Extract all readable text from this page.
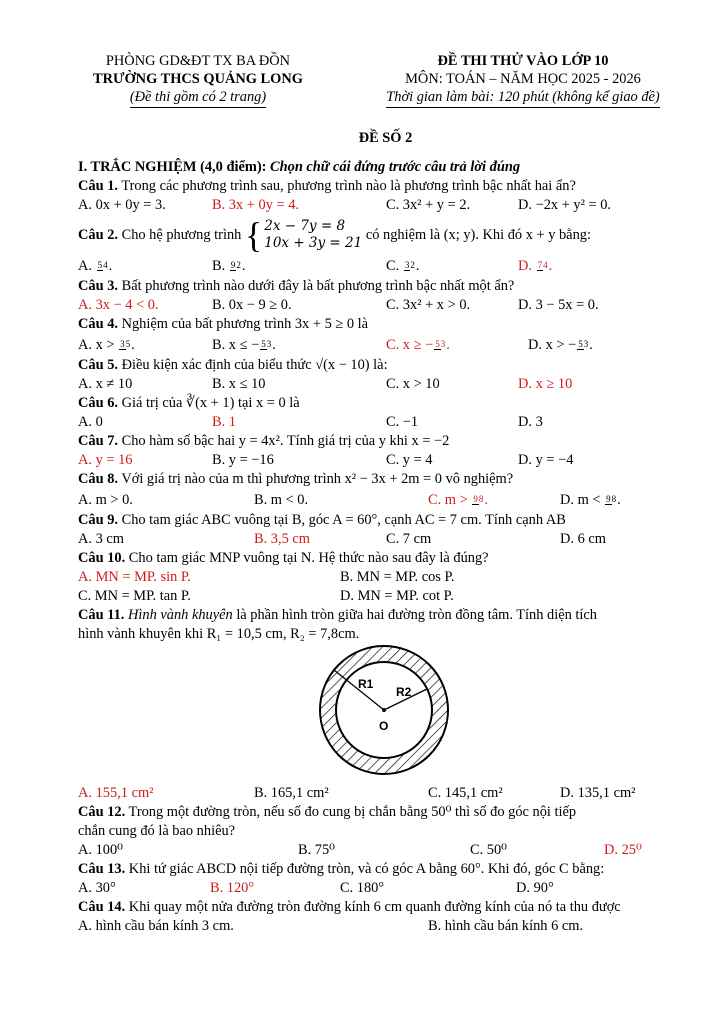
PHÒNG GD&ĐT TX BA ĐỒN
TRƯỜNG THCS QUẢNG LONG
(Đề thi gồm có 2 trang)
ĐỀ THI THỬ VÀO LỚP 10
MÔN: TOÁN – NĂM HỌC 2025 - 2026
Thời gian làm bài: 120 phút (không kể giao đề)
ĐỀ SỐ 2
I. TRẮC NGHIỆM (4,0 điểm): Chọn chữ cái đứng trước câu trả lời đúng
Câu 1. Trong các phương trình sau, phương trình nào là phương trình bậc nhất hai ẩn?
A. 0x + 0y = 3.	B. 3x + 0y = 4.	C. 3x² + y = 2.	D. −2x + y² = 0.
Câu 2.
Cho hệ phương trình
{ 2x − 7y = 8
10x + 3y = 21

có nghiệm là (x; y). Khi đó x + y bằng:
A. 54.	B. 92.	C. 32.	D. 74.
Câu 3. Bất phương trình nào dưới đây là bất phương trình bậc nhất một ẩn?
A. 3x − 4 < 0.	B. 0x − 9 ≥ 0.	C. 3x² + x > 0.	D. 3 − 5x = 0.
Câu 4. Nghiệm của bất phương trình 3x + 5 ≥ 0 là
A. x > 35.	B. x ≤ − 53.	C. x ≥ − 53.	D. x > − 53.
Câu 5. Điều kiện xác định của biểu thức √(x − 10) là:
A. x ≠ 10	B. x ≤ 10	C. x > 10	D. x ≥ 10
Câu 6. Giá trị của ∛(x + 1) tại x = 0 là
A. 0	B. 1	C. −1	D. 3
Câu 7. Cho hàm số bậc hai y = 4x². Tính giá trị của y khi x = −2
A. y = 16	B. y = −16	C. y = 4	D. y = −4
Câu 8. Với giá trị nào của m thì phương trình x² − 3x + 2m = 0 vô nghiệm?
A. m > 0.	B. m < 0.	C. m > 98.	D. m < 98.
Câu 9. Cho tam giác ABC vuông tại B, góc A = 60°, cạnh AC = 7 cm. Tính cạnh AB
A. 3 cm	B. 3,5 cm	C. 7 cm	D. 6 cm
Câu 10. Cho tam giác MNP vuông tại N. Hệ thức nào sau đây là đúng?
A. MN = MP. sin P.	B. MN = MP. cos P.
C. MN = MP. tan P.	D. MN = MP. cot P.
Câu 11. Hình vành khuyên là phần hình tròn giữa hai đường tròn đồng tâm. Tính diện tích
hình vành khuyên khi R₁ = 10,5 cm, R₂ = 7,8cm.
R1
R2
O
A. 155,1 cm²	B. 165,1 cm²	C. 145,1 cm²	D. 135,1 cm²
Câu 12. Trong một đường tròn, nếu số đo cung bị chắn bằng 50⁰ thì số đo góc nội tiếp
chắn cung đó là bao nhiêu?
A. 100⁰	B. 75⁰	C. 50⁰	D. 25⁰
Câu 13. Khi tứ giác ABCD nội tiếp đường tròn, và có góc A bằng 60°. Khi đó, góc C bằng:
A. 30°	B. 120°	C. 180°	D. 90°
Câu 14. Khi quay một nửa đường tròn đường kính 6 cm quanh đường kính của nó ta thu được
A. hình cầu bán kính 3 cm.	B. hình cầu bán kính 6 cm.
